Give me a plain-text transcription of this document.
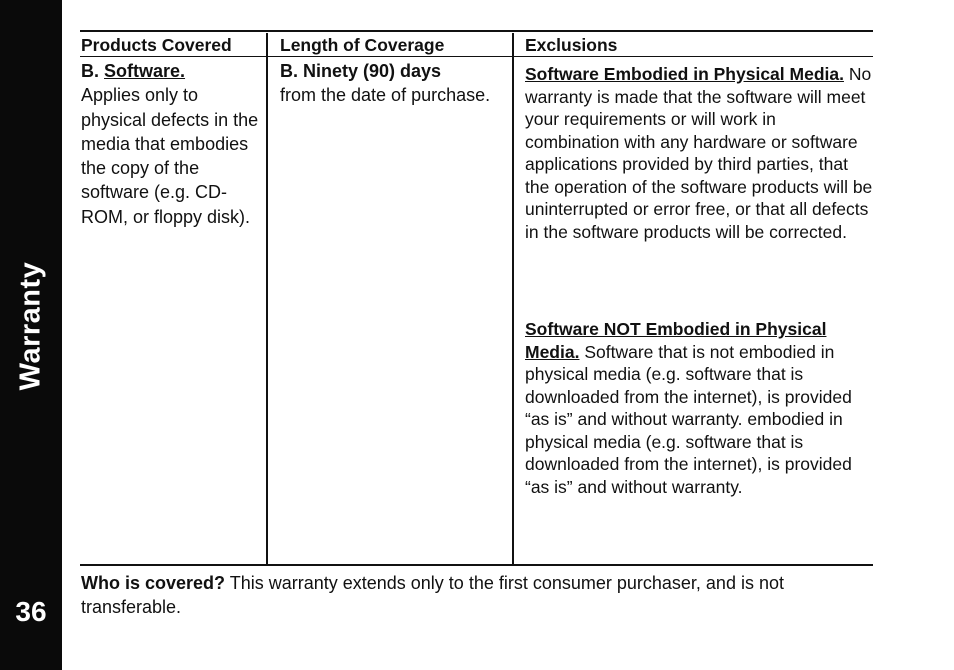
Warranty
36
Products Covered	Length of Coverage	Exclusions
B. Software.
Applies only to physical defects in the media that embodies the copy of the software (e.g. CD-ROM, or floppy disk).
B. Ninety (90) days
from the date of purchase.
Software Embodied in Physical Media. No warranty is made that the software will meet your requirements or will work in combination with any hardware or software applications provided by third parties, that the operation of the software products will be uninterrupted or error free, or that all defects in the software products will be corrected.
Software NOT Embodied in Physical Media. Software that is not embodied in physical media (e.g. software that is downloaded from the internet), is provided “as is” and without warranty. embodied in physical media (e.g. software that is downloaded from the internet), is provided “as is” and without warranty.
Who is covered? This warranty extends only to the first consumer purchaser, and is not transferable.
